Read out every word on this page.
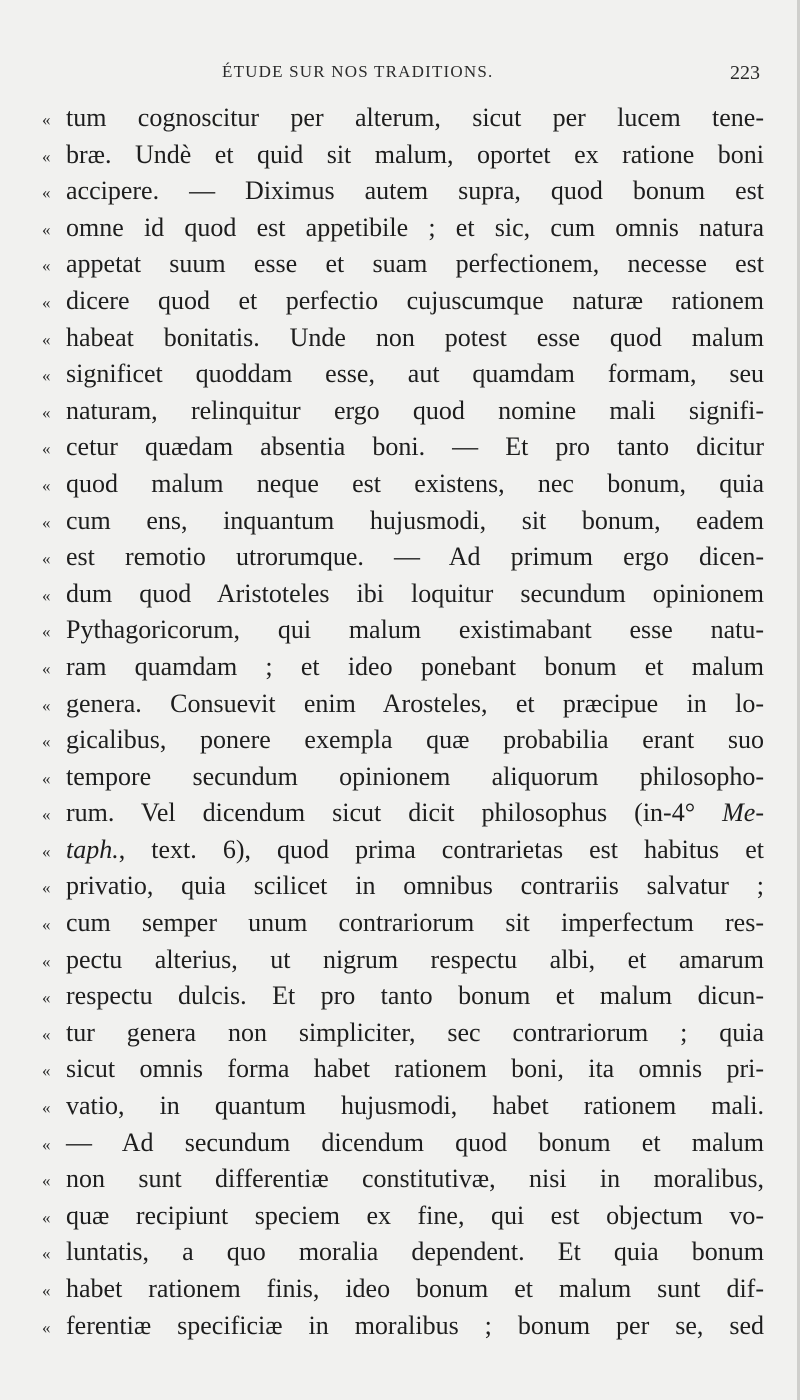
ÉTUDE SUR NOS TRADITIONS.	223
« tum cognoscitur per alterum, sicut per lucem tene-
« bræ. Undè et quid sit malum, oportet ex ratione boni
« accipere. — Diximus autem supra, quod bonum est
« omne id quod est appetibile ; et sic, cum omnis natura
« appetat suum esse et suam perfectionem, necesse est
« dicere quod et perfectio cujuscumque naturæ rationem
« habeat bonitatis. Unde non potest esse quod malum
« significet quoddam esse, aut quamdam formam, seu
« naturam, relinquitur ergo quod nomine mali signifi-
« cetur quædam absentia boni. — Et pro tanto dicitur
« quod malum neque est existens, nec bonum, quia
« cum ens, inquantum hujusmodi, sit bonum, eadem
« est remotio utrorumque. — Ad primum ergo dicen-
« dum quod Aristoteles ibi loquitur secundum opinionem
« Pythagoricorum, qui malum existimabant esse natu-
« ram quamdam ; et ideo ponebant bonum et malum
« genera. Consuevit enim Arosteles, et præcipue in lo-
« gicalibus, ponere exempla quæ probabilia erant suo
« tempore secundum opinionem aliquorum philosopho-
« rum. Vel dicendum sicut dicit philosophus (in-4° Me-
« taph., text. 6), quod prima contrarietas est habitus et
« privatio, quia scilicet in omnibus contrariis salvatur ;
« cum semper unum contrariorum sit imperfectum res-
« pectu alterius, ut nigrum respectu albi, et amarum
« respectu dulcis. Et pro tanto bonum et malum dicun-
« tur genera non simpliciter, sec contrariorum ; quia
« sicut omnis forma habet rationem boni, ita omnis pri-
« vatio, in quantum hujusmodi, habet rationem mali.
« — Ad secundum dicendum quod bonum et malum
« non sunt differentiæ constitutivæ, nisi in moralibus,
« quæ recipiunt speciem ex fine, qui est objectum vo-
« luntatis, a quo moralia dependent. Et quia bonum
« habet rationem finis, ideo bonum et malum sunt dif-
« ferentiæ specificiæ in moralibus ; bonum per se, sed
